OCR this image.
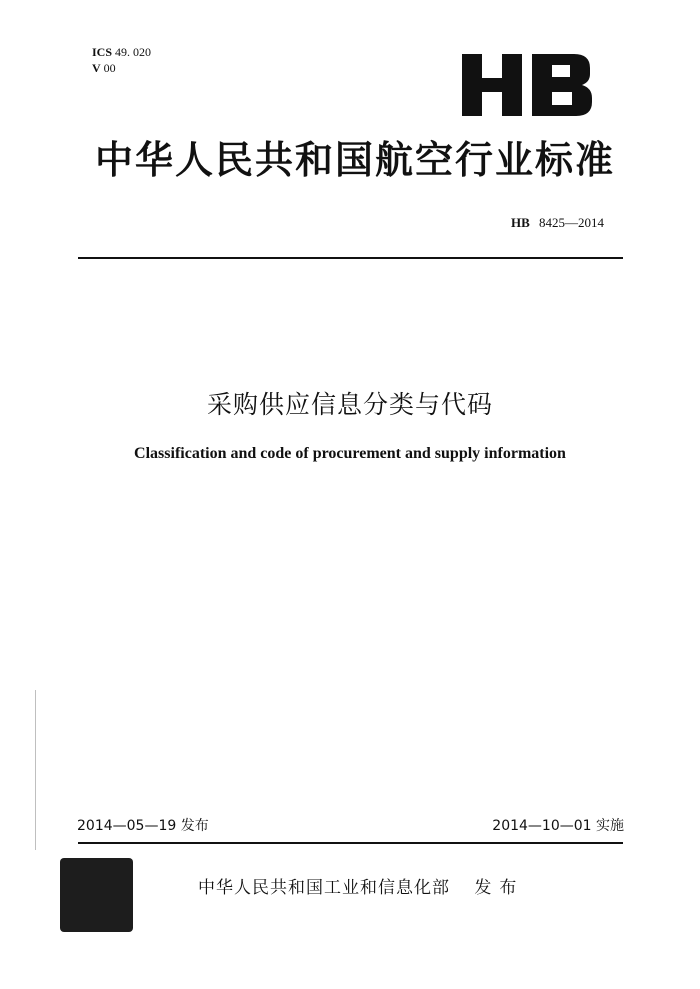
ICS 49. 020
V 00
HB
中华人民共和国航空行业标准
HB 8425—2014
采购供应信息分类与代码
Classification and code of procurement and supply information
2014—05—19 发布	2014—10—01 实施
中华人民共和国工业和信息化部 发布
